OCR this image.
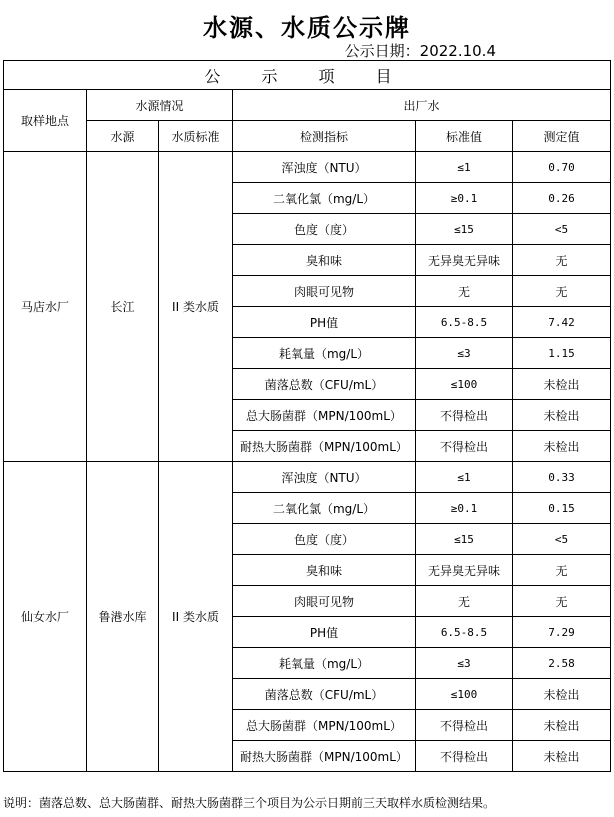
水源、水质公示牌
公示日期：2022.10.4
公 示 项 目					
取样地点	水源情况		出厂水		
	水源	水质标准	检测指标	标准值	测定值
马店水厂	长江	II 类水质	浑浊度（NTU）	≤1	0.70
			二氧化氯（mg/L）	≥0.1	0.26
			色度（度）	≤15	<5
			臭和味	无异臭无异味	无
			肉眼可见物	无	无
			PH值	6.5-8.5	7.42
			耗氧量（mg/L）	≤3	1.15
			菌落总数（CFU/mL）	≤100	未检出
			总大肠菌群（MPN/100mL）	不得检出	未检出
			耐热大肠菌群（MPN/100mL）	不得检出	未检出
仙女水厂	鲁港水库	II 类水质	浑浊度（NTU）	≤1	0.33
			二氧化氯（mg/L）	≥0.1	0.15
			色度（度）	≤15	<5
			臭和味	无异臭无异味	无
			肉眼可见物	无	无
			PH值	6.5-8.5	7.29
			耗氧量（mg/L）	≤3	2.58
			菌落总数（CFU/mL）	≤100	未检出
			总大肠菌群（MPN/100mL）	不得检出	未检出
			耐热大肠菌群（MPN/100mL）	不得检出	未检出
说明：菌落总数、总大肠菌群、耐热大肠菌群三个项目为公示日期前三天取样水质检测结果。
